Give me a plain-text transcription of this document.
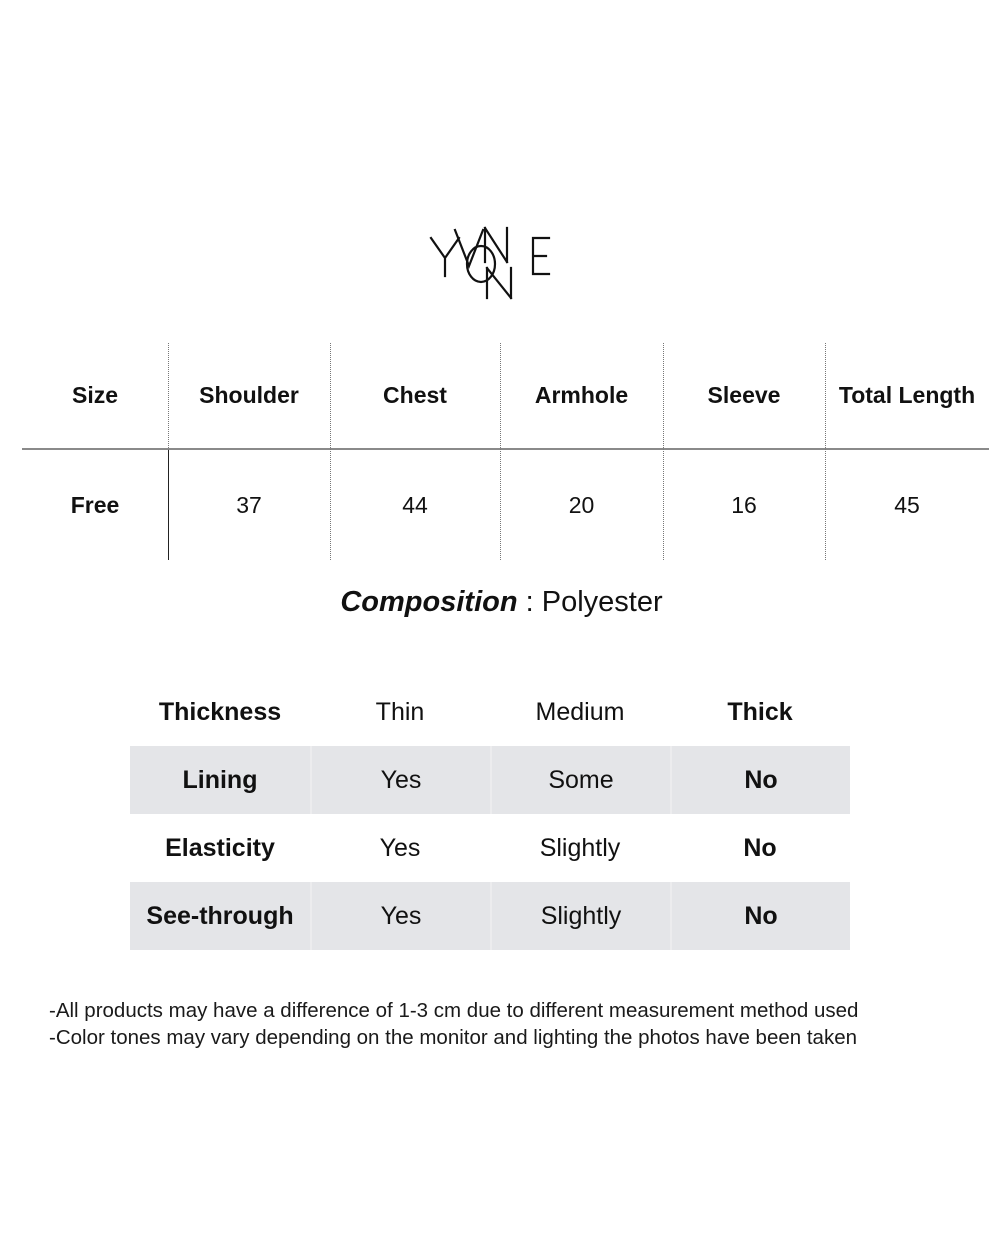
Size	Shoulder	Chest	Armhole	Sleeve	Total Length
Free	37	44	20	16	45
Composition : Polyester
Thickness	Thin	Medium	Thick
Lining	Yes	Some	No
Elasticity	Yes	Slightly	No
See-through	Yes	Slightly	No
-All products may have a difference of 1-3 cm due to different measurement method used
-Color tones may vary depending on the monitor and lighting the photos have been taken
